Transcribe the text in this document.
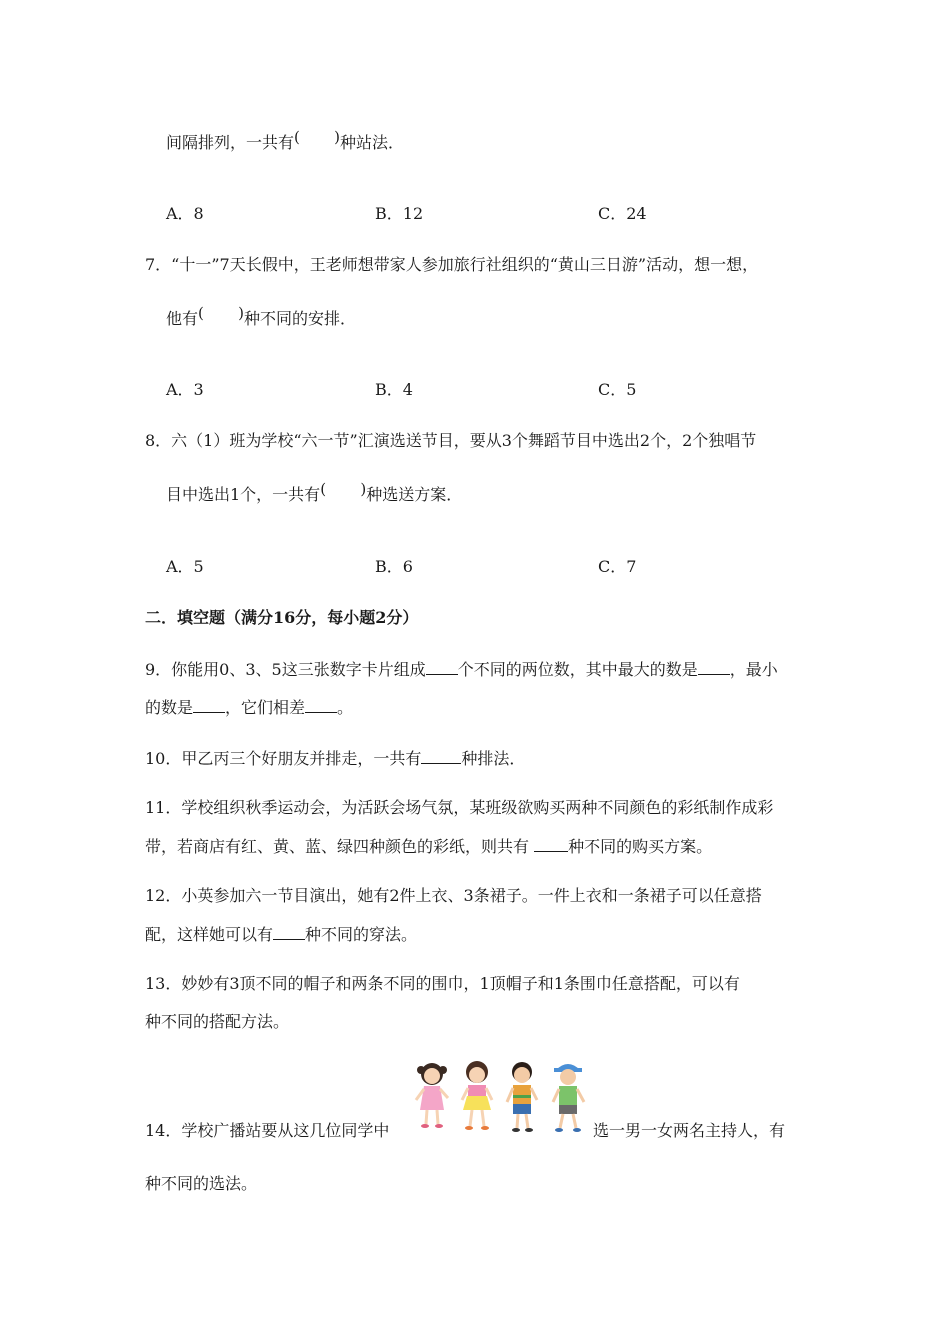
间隔排列，一共有 ( ) 种站法．
A．8	B．12	C．24
7．“十一”7天长假中，王老师想带家人参加旅行社组织的“黄山三日游”活动，想一想，
他有 ( ) 种不同的安排．
A．3	B．4	C．5
8．六（1）班为学校“六一节”汇演选送节目，要从3个舞蹈节目中选出2个，2个独唱节
目中选出1个，一共有 ( ) 种选送方案．
A．5	B．6	C．7
二．填空题（满分16分，每小题2分）
9．你能用0、3、5这三张数字卡片组成 个不同的两位数，其中最大的数是 ，最小
的数是 ，它们相差 。
10．甲乙丙三个好朋友并排走，一共有	种排法．
11．学校组织秋季运动会，为活跃会场气氛，某班级欲购买两种不同颜色的彩纸制作成彩
带，若商店有红、黄、蓝、绿四种颜色的彩纸，则共有 种不同的购买方案。
12．小英参加六一节目演出，她有2件上衣、3条裙子。一件上衣和一条裙子可以任意搭
配，这样她可以有 种不同的穿法。
13．妙妙有3顶不同的帽子和两条不同的围巾，1顶帽子和1条围巾任意搭配，可以有
种不同的搭配方法。
14．学校广播站要从这几位同学中	选一男一女两名主持人，有
种不同的选法。
